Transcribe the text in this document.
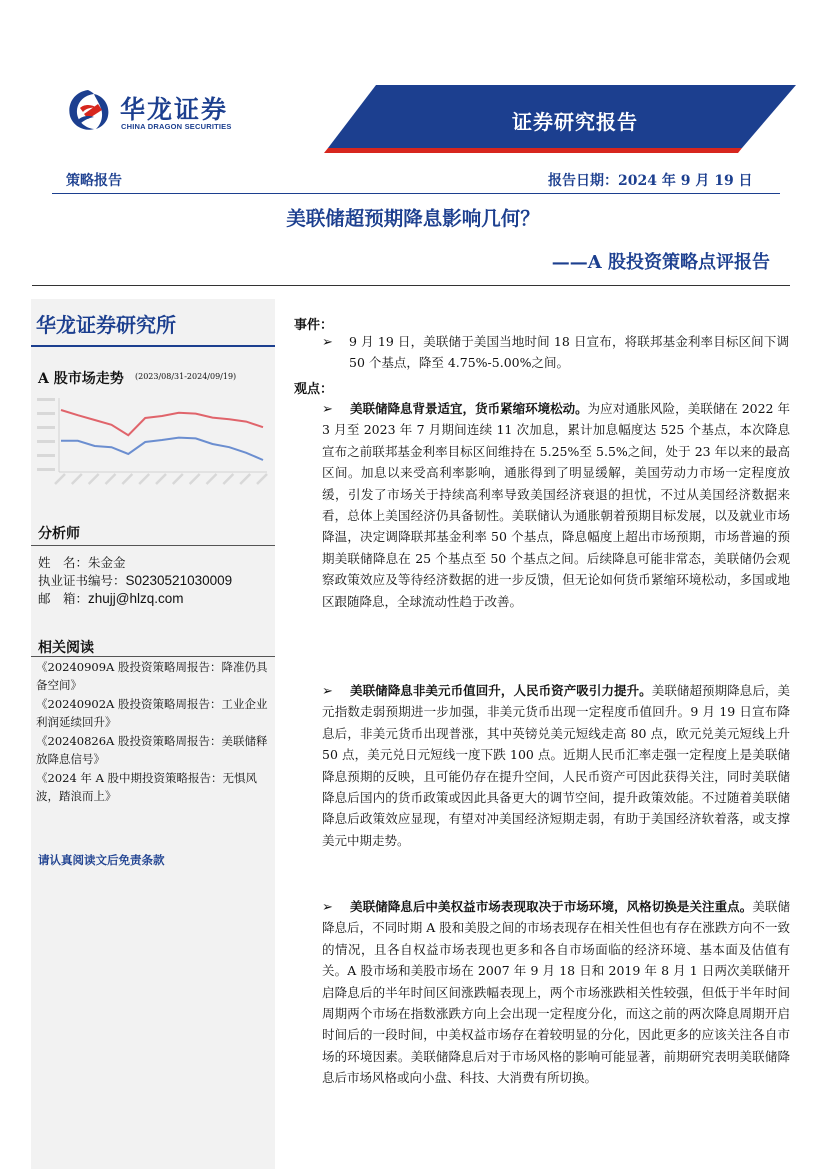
华龙证券
CHINA DRAGON SECURITIES	证券研究报告
策略报告	报告日期：2024 年 9 月 19 日
美联储超预期降息影响几何？
——A 股投资策略点评报告
华龙证券研究所
A 股市场走势 (2023/08/31-2024/09/19)
分析师
姓　名：朱金金
执业证书编号：S0230521030009
邮　箱：zhujj@hlzq.com
相关阅读
《20240909A 股投资策略周报告：降准仍具备空间》
《20240902A 股投资策略周报告：工业企业利润延续回升》
《20240826A 股投资策略周报告：美联储释放降息信号》
《2024 年 A 股中期投资策略报告：无惧风波，踏浪而上》
请认真阅读文后免责条款
事件：
➢ 9 月 19 日，美联储于美国当地时间 18 日宣布，将联邦基金利率目标区间下调 50 个基点，降至 4.75%-5.00%之间。
观点：
➢	美联储降息背景适宜，货币紧缩环境松动。为应对通胀风险，美联储在 2022 年 3 月至 2023 年 7 月期间连续 11 次加息，累计加息幅度达 525 个基点，本次降息宣布之前联邦基金利率目标区间维持在 5.25%至 5.5%之间，处于 23 年以来的最高区间。加息以来受高利率影响，通胀得到了明显缓解，美国劳动力市场一定程度放缓，引发了市场关于持续高利率导致美国经济衰退的担忧，不过从美国经济数据来看，总体上美国经济仍具备韧性。美联储认为通胀朝着预期目标发展，以及就业市场降温，决定调降联邦基金利率 50 个基点，降息幅度上超出市场预期，市场普遍的预期美联储降息在 25 个基点至 50 个基点之间。后续降息可能非常态，美联储仍会观察政策效应及等待经济数据的进一步反馈，但无论如何货币紧缩环境松动，多国或地区跟随降息，全球流动性趋于改善。
➢	美联储降息非美元币值回升，人民币资产吸引力提升。美联储超预期降息后，美元指数走弱预期进一步加强，非美元货币出现一定程度币值回升。9 月 19 日宣布降息后，非美元货币出现普涨，其中英镑兑美元短线走高 80 点，欧元兑美元短线上升 50 点，美元兑日元短线一度下跌 100 点。近期人民币汇率走强一定程度上是美联储降息预期的反映，且可能仍存在提升空间，人民币资产可因此获得关注，同时美联储降息后国内的货币政策或因此具备更大的调节空间，提升政策效能。不过随着美联储降息后政策效应显现，有望对冲美国经济短期走弱，有助于美国经济软着落，或支撑美元中期走势。
➢	美联储降息后中美权益市场表现取决于市场环境，风格切换是关注重点。美联储降息后，不同时期 A 股和美股之间的市场表现存在相关性但也有存在涨跌方向不一致的情况，且各自权益市场表现也更多和各自市场面临的经济环境、基本面及估值有关。A 股市场和美股市场在 2007 年 9 月 18 日和 2019 年 8 月 1 日两次美联储开启降息后的半年时间区间涨跌幅表现上，两个市场涨跌相关性较强，但低于半年时间周期两个市场在指数涨跌方向上会出现一定程度分化，而这之前的两次降息周期开启时间后的一段时间，中美权益市场存在着较明显的分化，因此更多的应该关注各自市场的环境因素。美联储降息后对于市场风格的影响可能显著，前期研究表明美联储降息后市场风格或向小盘、科技、大消费有所切换。
